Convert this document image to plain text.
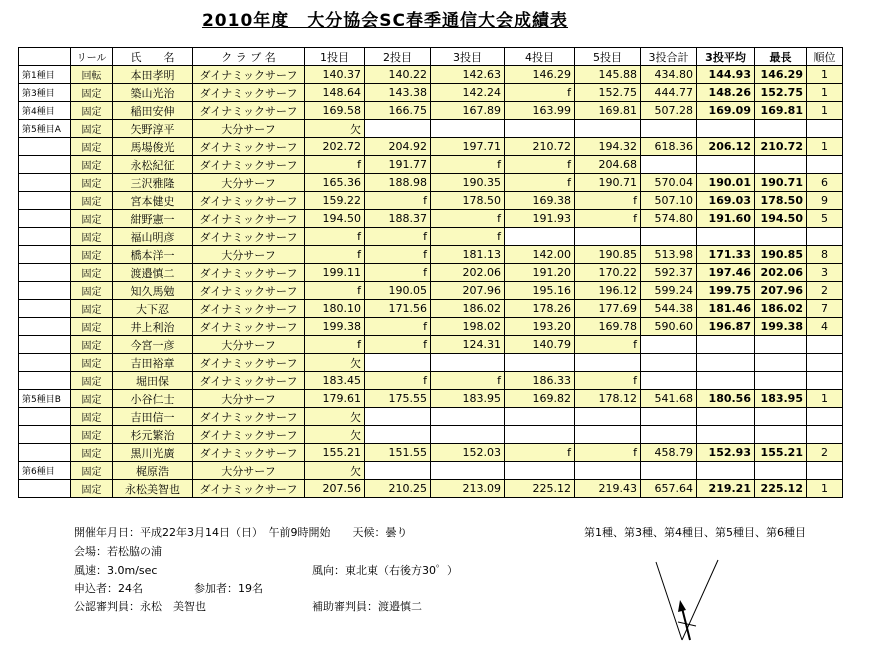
2010年度　大分協会SC春季通信大会成績表
	リール	氏　　名	ク ラ ブ 名	1投目	2投目	3投目	4投目	5投目	3投合計	3投平均	最長	順位
第1種目	回転	本田孝明	ダイナミックサーフ	140.37	140.22	142.63	146.29	145.88	434.80	144.93	146.29	1
第3種目	固定	築山光治	ダイナミックサーフ	148.64	143.38	142.24	f	152.75	444.77	148.26	152.75	1
第4種目	固定	稲田安伸	ダイナミックサーフ	169.58	166.75	167.89	163.99	169.81	507.28	169.09	169.81	1
第5種目A	固定	矢野淳平	大分サーフ	欠								
	固定	馬場俊光	ダイナミックサーフ	202.72	204.92	197.71	210.72	194.32	618.36	206.12	210.72	1
	固定	永松紀征	ダイナミックサーフ	f	191.77	f	f	204.68				
	固定	三沢雅隆	大分サーフ	165.36	188.98	190.35	f	190.71	570.04	190.01	190.71	6
	固定	宮本健史	ダイナミックサーフ	159.22	f	178.50	169.38	f	507.10	169.03	178.50	9
	固定	紺野憲一	ダイナミックサーフ	194.50	188.37	f	191.93	f	574.80	191.60	194.50	5
	固定	福山明彦	ダイナミックサーフ	f	f	f						
	固定	橋本洋一	大分サーフ	f	f	181.13	142.00	190.85	513.98	171.33	190.85	8
	固定	渡邉慎二	ダイナミックサーフ	199.11	f	202.06	191.20	170.22	592.37	197.46	202.06	3
	固定	知久馬勉	ダイナミックサーフ	f	190.05	207.96	195.16	196.12	599.24	199.75	207.96	2
	固定	大下忍	ダイナミックサーフ	180.10	171.56	186.02	178.26	177.69	544.38	181.46	186.02	7
	固定	井上利治	ダイナミックサーフ	199.38	f	198.02	193.20	169.78	590.60	196.87	199.38	4
	固定	今宮一彦	大分サーフ	f	f	124.31	140.79	f				
	固定	吉田裕章	ダイナミックサーフ	欠								
	固定	堀田保	ダイナミックサーフ	183.45	f	f	186.33	f				
第5種目B	固定	小谷仁士	大分サーフ	179.61	175.55	183.95	169.82	178.12	541.68	180.56	183.95	1
	固定	吉田信一	ダイナミックサーフ	欠								
	固定	杉元繁治	ダイナミックサーフ	欠								
	固定	黒川光廣	ダイナミックサーフ	155.21	151.55	152.03	f	f	458.79	152.93	155.21	2
第6種目	固定	梶原浩	大分サーフ	欠								
	固定	永松美智也	ダイナミックサーフ	207.56	210.25	213.09	225.12	219.43	657.64	219.21	225.12	1
開催年月日：平成22年3月14日（日）　午前9時開始　　天候：曇り
会場：若松脇の浦
風速：3.0m/sec	風向：東北東（右後方30゜）
申込者：24名	参加者：19名
公認審判員：永松　美智也	補助審判員：渡邉慎二
第1種、第3種、第4種目、第5種目、第6種目
